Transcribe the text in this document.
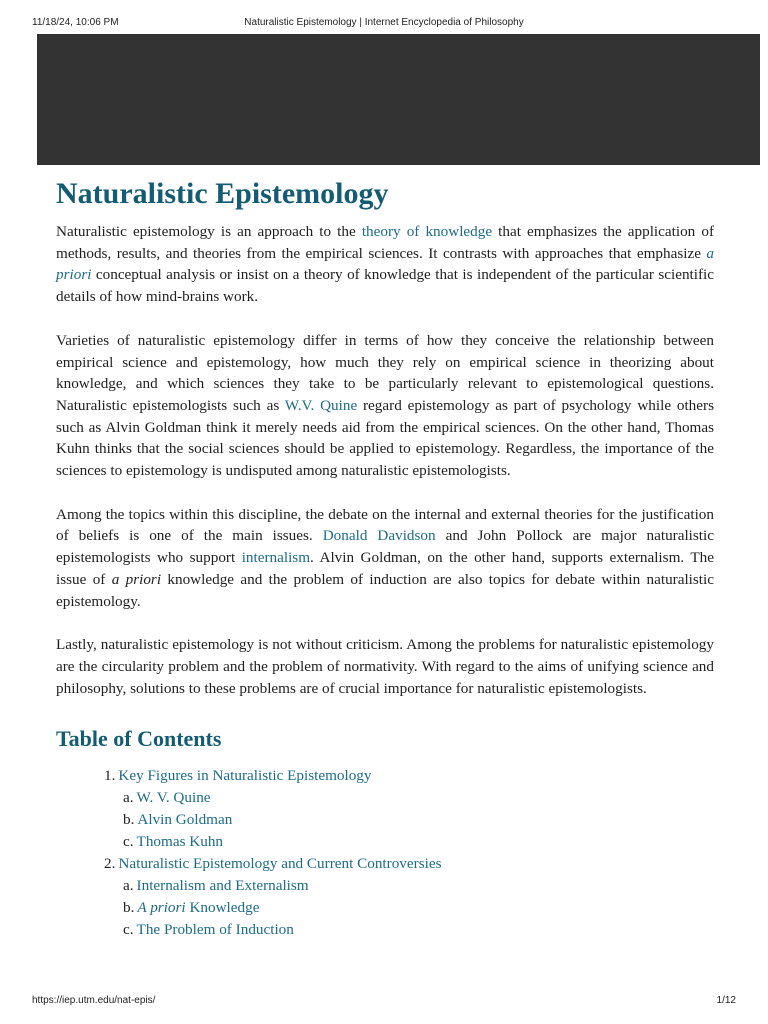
11/18/24, 10:06 PM	Naturalistic Epistemology | Internet Encyclopedia of Philosophy
Naturalistic Epistemology

Naturalistic epistemology is an approach to the theory of knowledge that emphasizes the application of methods, results, and theories from the empirical sciences. It contrasts with approaches that emphasize a priori conceptual analysis or insist on a theory of knowledge that is independent of the particular scientific details of how mind-brains work.

Varieties of naturalistic epistemology differ in terms of how they conceive the relationship between empirical science and epistemology, how much they rely on empirical science in theorizing about knowledge, and which sciences they take to be particularly relevant to epistemological questions. Naturalistic epistemologists such as W.V. Quine regard epistemology as part of psychology while others such as Alvin Goldman think it merely needs aid from the empirical sciences. On the other hand, Thomas Kuhn thinks that the social sciences should be applied to epistemology. Regardless, the importance of the sciences to epistemology is undisputed among naturalistic epistemologists.

Among the topics within this discipline, the debate on the internal and external theories for the justification of beliefs is one of the main issues. Donald Davidson and John Pollock are major naturalistic epistemologists who support internalism. Alvin Goldman, on the other hand, supports externalism. The issue of a priori knowledge and the problem of induction are also topics for debate within naturalistic epistemology.

Lastly, naturalistic epistemology is not without criticism. Among the problems for naturalistic epistemology are the circularity problem and the problem of normativity. With regard to the aims of unifying science and philosophy, solutions to these problems are of crucial importance for naturalistic epistemologists.

Table of Contents
1. Key Figures in Naturalistic Epistemology
a. W. V. Quine
b. Alvin Goldman
c. Thomas Kuhn
2. Naturalistic Epistemology and Current Controversies
a. Internalism and Externalism
b. A priori Knowledge
c. The Problem of Induction
https://iep.utm.edu/nat-epis/	1/12
